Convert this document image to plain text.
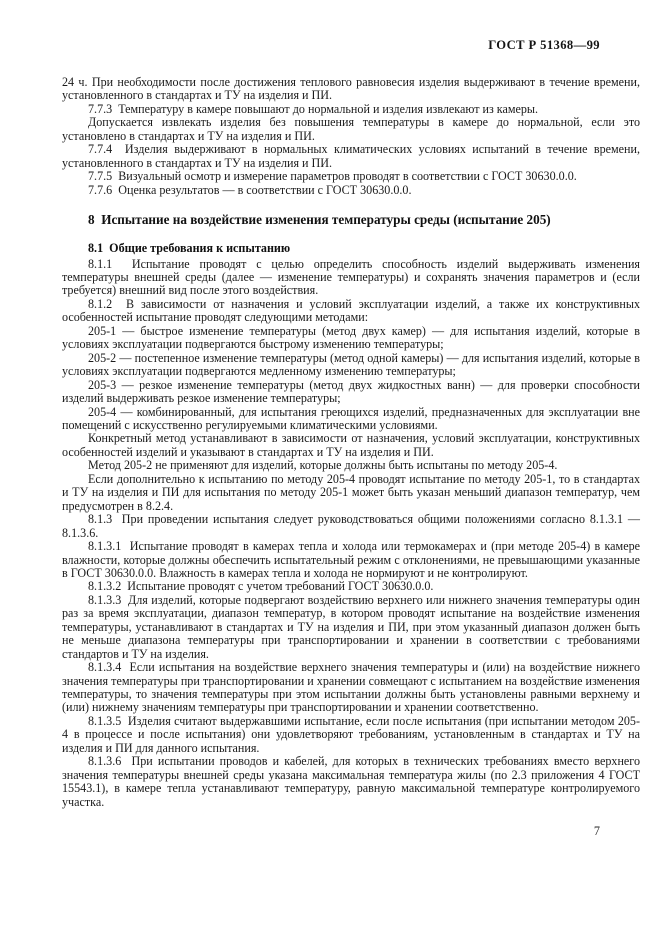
ГОСТ Р 51368—99

24 ч. При необходимости после достижения теплового равновесия изделия выдерживают в течение времени, установленного в стандартах и ТУ на изделия и ПИ.

7.7.3  Температуру в камере повышают до нормальной и изделия извлекают из камеры.

Допускается извлекать изделия без повышения температуры в камере до нормальной, если это установлено в стандартах и ТУ на изделия и ПИ.

7.7.4  Изделия выдерживают в нормальных климатических условиях испытаний в течение времени, установленного в стандартах и ТУ на изделия и ПИ.

7.7.5  Визуальный осмотр и измерение параметров проводят в соответствии с ГОСТ 30630.0.0.

7.7.6  Оценка результатов — в соответствии с ГОСТ 30630.0.0.

8  Испытание на воздействие изменения температуры среды (испытание 205)
8.1  Общие требования к испытанию

8.1.1  Испытание проводят с целью определить способность изделий выдерживать изменения температуры внешней среды (далее — изменение температуры) и сохранять значения параметров и (если требуется) внешний вид после этого воздействия.

8.1.2  В зависимости от назначения и условий эксплуатации изделий, а также их конструктивных особенностей испытание проводят следующими методами:

205-1 — быстрое изменение температуры (метод двух камер) — для испытания изделий, которые в условиях эксплуатации подвергаются быстрому изменению температуры;

205-2 — постепенное изменение температуры (метод одной камеры) — для испытания изделий, которые в условиях эксплуатации подвергаются медленному изменению температуры;

205-3 — резкое изменение температуры (метод двух жидкостных ванн) — для проверки способности изделий выдерживать резкое изменение температуры;

205-4 — комбинированный, для испытания греющихся изделий, предназначенных для эксплуатации вне помещений с искусственно регулируемыми климатическими условиями.

Конкретный метод устанавливают в зависимости от назначения, условий эксплуатации, конструктивных особенностей изделий и указывают в стандартах и ТУ на изделия и ПИ.

Метод 205-2 не применяют для изделий, которые должны быть испытаны по методу 205-4.

Если дополнительно к испытанию по методу 205-4 проводят испытание по методу 205-1, то в стандартах и ТУ на изделия и ПИ для испытания по методу 205-1 может быть указан меньший диапазон температур, чем предусмотрен в 8.2.4.

8.1.3  При проведении испытания следует руководствоваться общими положениями согласно 8.1.3.1 — 8.1.3.6.

8.1.3.1  Испытание проводят в камерах тепла и холода или термокамерах и (при методе 205-4) в камере влажности, которые должны обеспечить испытательный режим с отклонениями, не превышающими указанные в ГОСТ 30630.0.0. Влажность в камерах тепла и холода не нормируют и не контролируют.

8.1.3.2  Испытание проводят с учетом требований ГОСТ 30630.0.0.

8.1.3.3  Для изделий, которые подвергают воздействию верхнего или нижнего значения температуры один раз за время эксплуатации, диапазон температур, в котором проводят испытание на воздействие изменения температуры, устанавливают в стандартах и ТУ на изделия и ПИ, при этом указанный диапазон должен быть не меньше диапазона температуры при транспортировании и хранении в соответствии с требованиями стандартов и ТУ на изделия.

8.1.3.4  Если испытания на воздействие верхнего значения температуры и (или) на воздействие нижнего значения температуры при транспортировании и хранении совмещают с испытанием на воздействие изменения температуры, то значения температуры при этом испытании должны быть установлены равными верхнему и (или) нижнему значениям температуры при транспортировании и хранении соответственно.

8.1.3.5  Изделия считают выдержавшими испытание, если после испытания (при испытании методом 205-4 в процессе и после испытания) они удовлетворяют требованиям, установленным в стандартах и ТУ на изделия и ПИ для данного испытания.

8.1.3.6  При испытании проводов и кабелей, для которых в технических требованиях вместо верхнего значения температуры внешней среды указана максимальная температура жилы (по 2.3 приложения 4 ГОСТ 15543.1), в камере тепла устанавливают температуру, равную максимальной температуре контролируемого участка.

7
